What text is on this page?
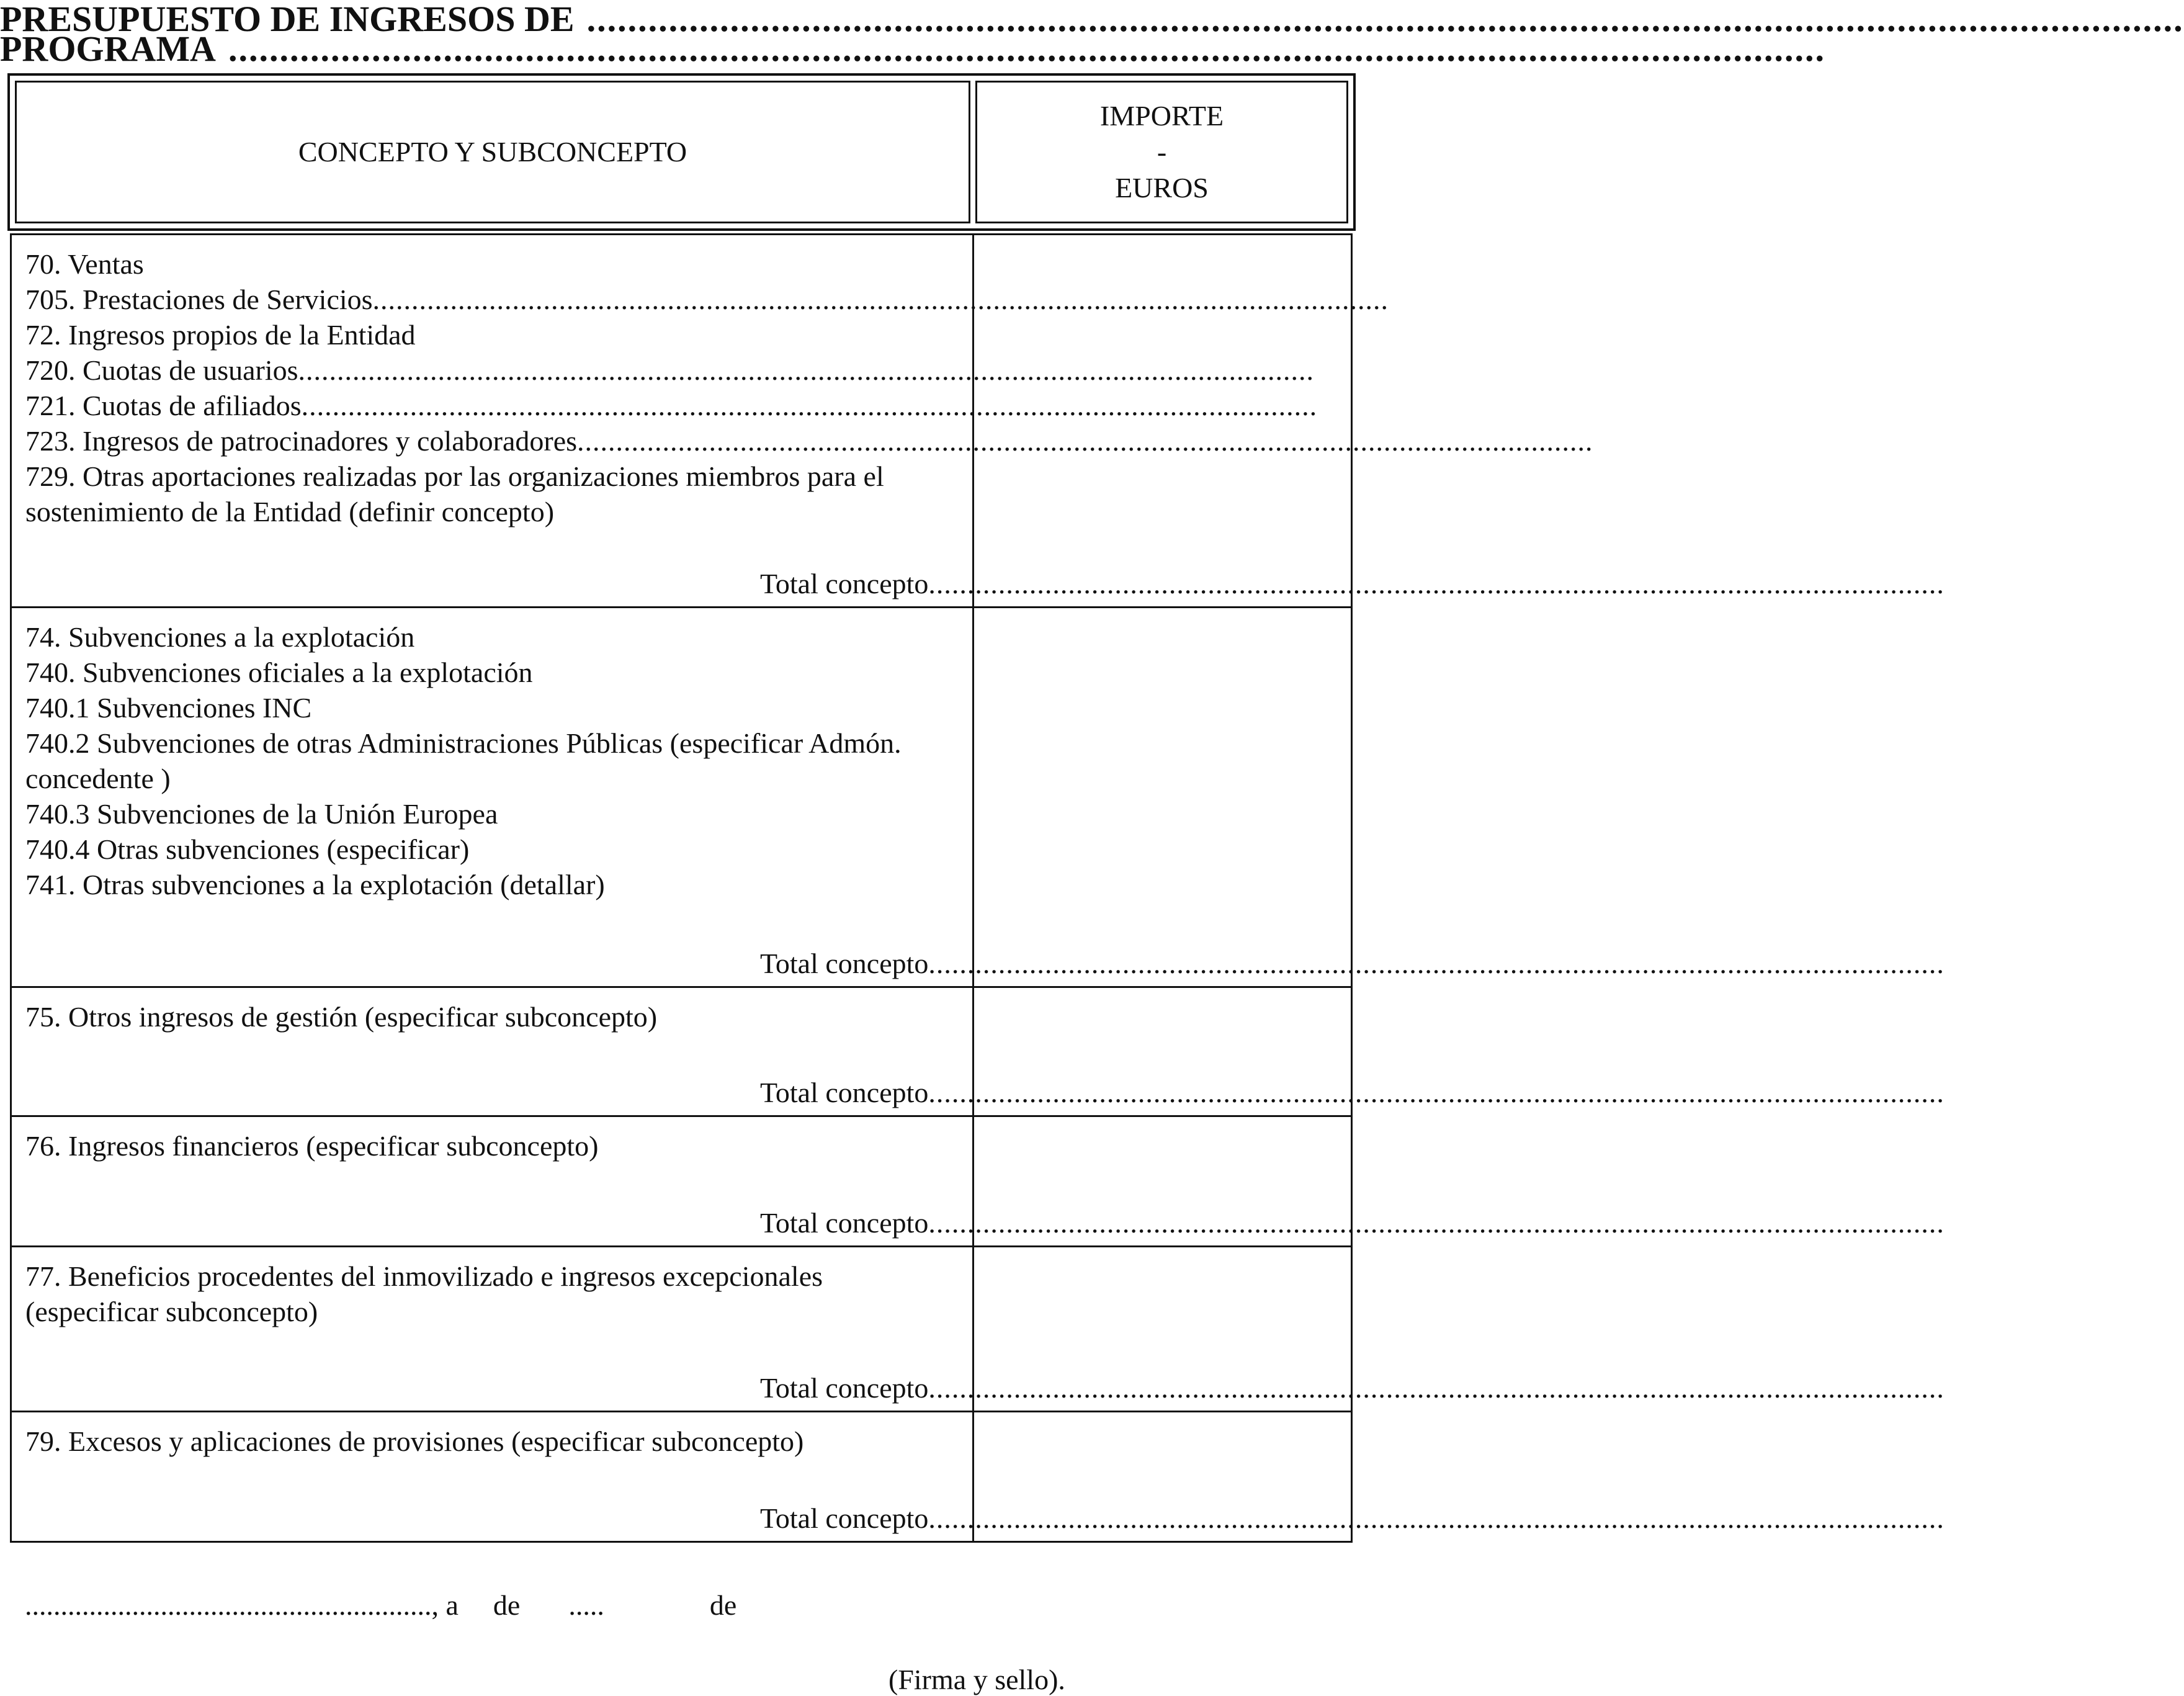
PRESUPUESTO DE INGRESOS DE ............................................................................................................................................................
PROGRAMA ............................................................................................................................................................
CONCEPTO Y SUBCONCEPTO
IMPORTE
-
EUROS
70. Ventas
705. Prestaciones de Servicios ...................................................................................................................................
72. Ingresos propios de la Entidad
720. Cuotas de usuarios ...................................................................................................................................
721. Cuotas de afiliados ...................................................................................................................................
723. Ingresos de patrocinadores y colaboradores ...................................................................................................................................
729. Otras aportaciones realizadas por las organizaciones miembros para el sostenimiento de la Entidad (definir concepto)
Total concepto ...................................................................................................................................
74. Subvenciones a la explotación
740. Subvenciones oficiales a la explotación
740.1 Subvenciones INC
740.2 Subvenciones de otras Administraciones Públicas (especificar Admón. concedente )
740.3 Subvenciones de la Unión Europea
740.4 Otras subvenciones (especificar)
741. Otras subvenciones a la explotación (detallar)
Total concepto ...................................................................................................................................
75. Otros ingresos de gestión (especificar subconcepto)
Total concepto ...................................................................................................................................
76. Ingresos financieros (especificar subconcepto)
Total concepto ...................................................................................................................................
77. Beneficios procedentes del inmovilizado e ingresos excepcionales (especificar subconcepto)
Total concepto ...................................................................................................................................
79. Excesos y aplicaciones de provisiones (especificar subconcepto)
Total concepto ...................................................................................................................................
........................................................., a de .....	de
(Firma y sello).
